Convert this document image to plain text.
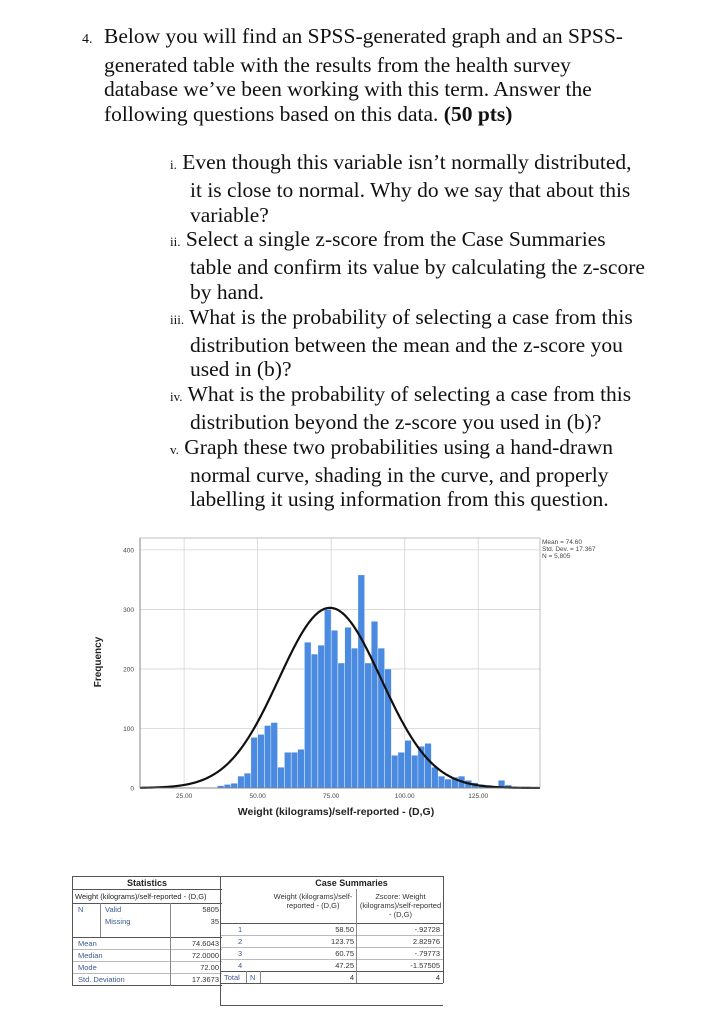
4. Below you will find an SPSS-generated graph and an SPSS-
generated table with the results from the health survey
database we’ve been working with this term. Answer the
following questions based on this data. (50 pts)
i. Even though this variable isn’t normally distributed,
it is close to normal. Why do we say that about this
variable?
ii. Select a single z-score from the Case Summaries
table and confirm its value by calculating the z-score
by hand.
iii. What is the probability of selecting a case from this
distribution between the mean and the z-score you
used in (b)?
iv. What is the probability of selecting a case from this
distribution beyond the z-score you used in (b)?
v. Graph these two probabilities using a hand-drawn
normal curve, shading in the curve, and properly
labelling it using information from this question.
0
100
200
300
400
25.00	50.00	75.00	100.00	125.00
Frequency
Weight (kilograms)/self-reported - (D,G)
Mean = 74.60
Std. Dev. = 17.367
N = 5,805
Statistics
Weight (kilograms)/self-reported - (D,G)
N	Valid	5805
Missing	35
Mean	74.6043
Median	72.0000
Mode	72.00
Std. Deviation	17.3673
Case Summaries
Weight (kilograms)/self-reported - (D,G)
Zscore: Weight (kilograms)/self-reported - (D,G)
1	58.50	-.92728
2	123.75	2.82976
3	60.75	-.79773
4	47.25	-1.57505
Total N	4	4
